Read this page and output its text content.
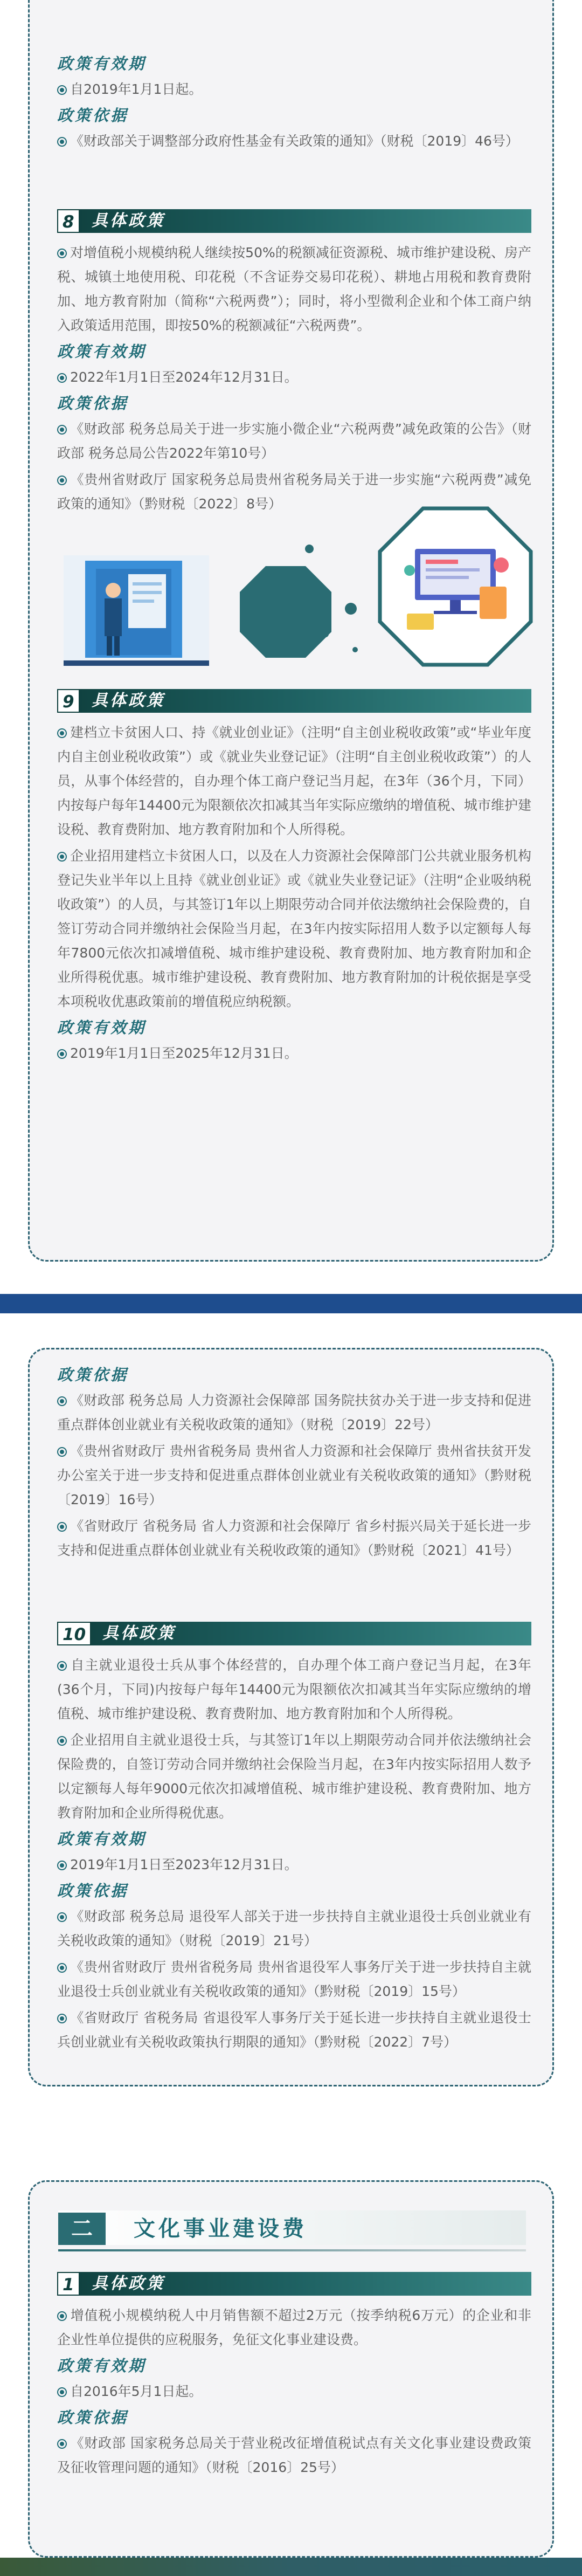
政策有效期

自2019年1月1日起。

政策依据

《财政部关于调整部分政府性基金有关政策的通知》（财税〔2019〕46号）

8	具体政策

对增值税小规模纳税人继续按50%的税额减征资源税、城市维护建设税、房产税、城镇土地使用税、印花税（不含证券交易印花税）、耕地占用税和教育费附加、地方教育附加（简称“六税两费”）；同时，将小型微利企业和个体工商户纳入政策适用范围，即按50%的税额减征“六税两费”。

政策有效期

2022年1月1日至2024年12月31日。

政策依据

《财政部 税务总局关于进一步实施小微企业“六税两费”减免政策的公告》（财政部 税务总局公告2022年第10号）

《贵州省财政厅 国家税务总局贵州省税务局关于进一步实施“六税两费”减免政策的通知》（黔财税〔2022〕8号）

9	具体政策

建档立卡贫困人口、持《就业创业证》（注明“自主创业税收政策”或“毕业年度内自主创业税收政策”）或《就业失业登记证》（注明“自主创业税收政策”）的人员，从事个体经营的，自办理个体工商户登记当月起，在3年（36个月，下同）内按每户每年14400元为限额依次扣减其当年实际应缴纳的增值税、城市维护建设税、教育费附加、地方教育附加和个人所得税。

企业招用建档立卡贫困人口，以及在人力资源社会保障部门公共就业服务机构登记失业半年以上且持《就业创业证》或《就业失业登记证》（注明“企业吸纳税收政策”）的人员，与其签订1年以上期限劳动合同并依法缴纳社会保险费的，自签订劳动合同并缴纳社会保险当月起，在3年内按实际招用人数予以定额每人每年7800元依次扣减增值税、城市维护建设税、教育费附加、地方教育附加和企业所得税优惠。城市维护建设税、教育费附加、地方教育附加的计税依据是享受本项税收优惠政策前的增值税应纳税额。

政策有效期

2019年1月1日至2025年12月31日。

政策依据

《财政部 税务总局 人力资源社会保障部 国务院扶贫办关于进一步支持和促进重点群体创业就业有关税收政策的通知》（财税〔2019〕22号）

《贵州省财政厅 贵州省税务局 贵州省人力资源和社会保障厅 贵州省扶贫开发办公室关于进一步支持和促进重点群体创业就业有关税收政策的通知》（黔财税〔2019〕16号）

《省财政厅 省税务局 省人力资源和社会保障厅 省乡村振兴局关于延长进一步支持和促进重点群体创业就业有关税收政策的通知》（黔财税〔2021〕41号）

10	具体政策

自主就业退役士兵从事个体经营的，自办理个体工商户登记当月起，在3年(36个月，下同)内按每户每年14400元为限额依次扣减其当年实际应缴纳的增值税、城市维护建设税、教育费附加、地方教育附加和个人所得税。

企业招用自主就业退役士兵，与其签订1年以上期限劳动合同并依法缴纳社会保险费的，自签订劳动合同并缴纳社会保险当月起，在3年内按实际招用人数予以定额每人每年9000元依次扣减增值税、城市维护建设税、教育费附加、地方教育附加和企业所得税优惠。

政策有效期

2019年1月1日至2023年12月31日。

政策依据

《财政部 税务总局 退役军人部关于进一步扶持自主就业退役士兵创业就业有关税收政策的通知》（财税〔2019〕21号）

《贵州省财政厅 贵州省税务局 贵州省退役军人事务厅关于进一步扶持自主就业退役士兵创业就业有关税收政策的通知》（黔财税〔2019〕15号）

《省财政厅 省税务局 省退役军人事务厅关于延长进一步扶持自主就业退役士兵创业就业有关税收政策执行期限的通知》（黔财税〔2022〕7号）

二	文化事业建设费
1	具体政策

增值税小规模纳税人中月销售额不超过2万元（按季纳税6万元）的企业和非企业性单位提供的应税服务，免征文化事业建设费。

政策有效期

自2016年5月1日起。

政策依据

《财政部 国家税务总局关于营业税改征增值税试点有关文化事业建设费政策及征收管理问题的通知》（财税〔2016〕25号）
